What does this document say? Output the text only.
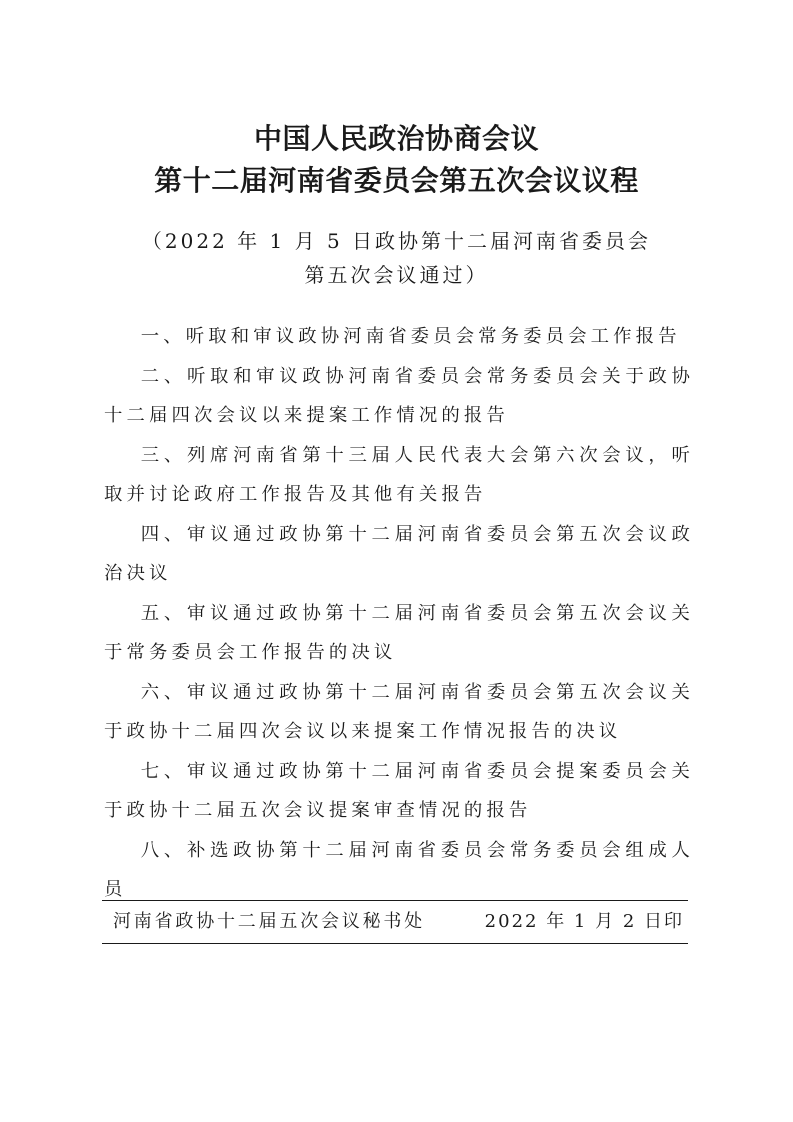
中国人民政治协商会议
第十二届河南省委员会第五次会议议程
（2022 年 1 月 5 日政协第十二届河南省委员会
第五次会议通过）
一、听取和审议政协河南省委员会常务委员会工作报告
二、听取和审议政协河南省委员会常务委员会关于政协十二届四次会议以来提案工作情况的报告
三、列席河南省第十三届人民代表大会第六次会议，听取并讨论政府工作报告及其他有关报告
四、审议通过政协第十二届河南省委员会第五次会议政治决议
五、审议通过政协第十二届河南省委员会第五次会议关于常务委员会工作报告的决议
六、审议通过政协第十二届河南省委员会第五次会议关于政协十二届四次会议以来提案工作情况报告的决议
七、审议通过政协第十二届河南省委员会提案委员会关于政协十二届五次会议提案审查情况的报告
八、补选政协第十二届河南省委员会常务委员会组成人员
河南省政协十二届五次会议秘书处	2022 年 1 月 2 日印
